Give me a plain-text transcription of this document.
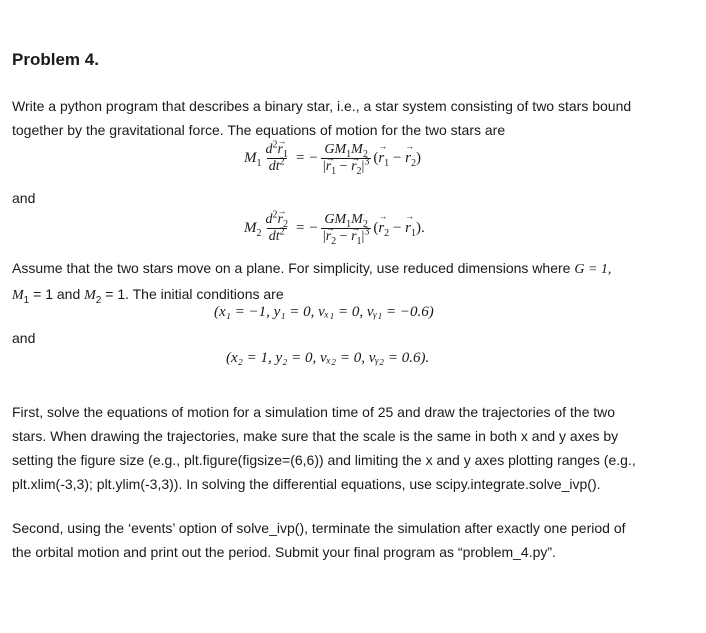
Problem 4.

Write a python program that describes a binary star, i.e., a star system consisting of two stars bound
together by the gravitational force. The equations of motion for the two stars are

$M_1 \frac{d^2\to r_1}{dt^2}$ = − $\frac{GM_1M_2}{|\to r_1 - \to r_2|^3}$ (→ $r_1$ − → $r_2$)

and

$M_2 \frac{d^2\to r_2}{dt^2}$ = − $\frac{GM_1M_2}{|\to r_2 - \to r_1|^3}$ (→ $r_2$ − → $r_1$).

Assume that the two stars move on a plane. For simplicity, use reduced dimensions where G = 1,
$M_1 = 1$ and $M_2 = 1$. The initial conditions are

(x₁ = −1, y₁ = 0, vₓ₁ = 0, vᵧ₁ = −0.6)

and

(x₂ = 1, y₂ = 0, vₓ₂ = 0, vᵧ₂ = 0.6).

First, solve the equations of motion for a simulation time of 25 and draw the trajectories of the two
stars. When drawing the trajectories, make sure that the scale is the same in both x and y axes by
setting the figure size (e.g., plt.figure(figsize=(6,6)) and limiting the x and y axes plotting ranges (e.g.,
plt.xlim(-3,3); plt.ylim(-3,3)). In solving the differential equations, use scipy.integrate.solve_ivp().

Second, using the ‘events’ option of solve_ivp(), terminate the simulation after exactly one period of
the orbital motion and print out the period. Submit your final program as “problem_4.py”.
